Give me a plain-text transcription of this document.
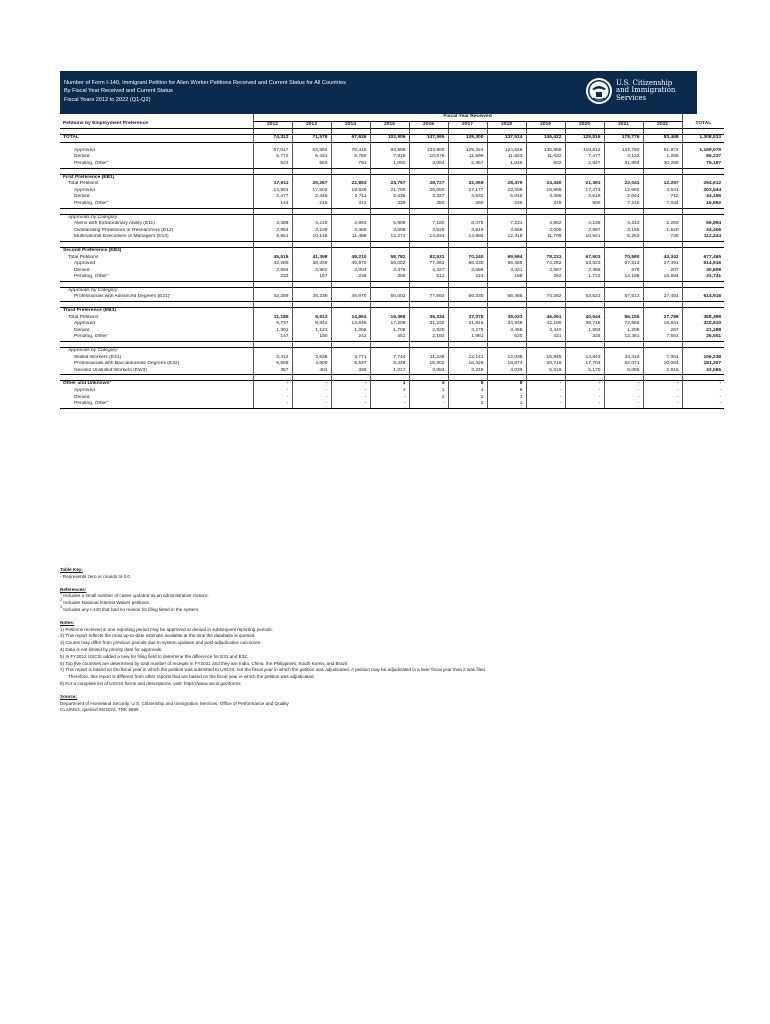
Number of Form I-140, Immigrant Petition for Alien Worker Petitions Received and Current Status for All Countries
By Fiscal Year Received and Current Status
Fiscal Years 2012 to 2022 (Q1-Q2)
U.S. Citizenship
and Immigration
Services
	Fiscal Year Received											
Petitions by Employment Preference	2012	2013	2014	2015	2016	2017	2018	2019	2020	2021	2022	TOTAL

TOTAL	74,312	71,578	67,636	102,906	147,595	139,300	137,514	146,422	129,516	178,776	83,468	1,308,513

Approved	67,017	64,584	78,445	93,995	133,965	125,324	124,646	135,858	118,512	142,760	51,873	1,159,079
Denied	6,772	6,431	6,780	7,819	10,576	11,599	11,823	11,632	7,477	4,122	1,205	86,237
Pending, Other$^1$	523	563	791	1,092	3,054	2,467	1,045	932	2,547	31,894	30,289	75,197

First Preference (EB1)												
Total Petitions	17,611	20,267	22,853	24,757	28,727	32,069	28,479	24,340	21,391	22,041	12,297	254,612
Approved	14,991	17,603	19,829	21,785	25,050	27,177	23,209	18,996	17,273	12,682	4,541	203,544
Denied	2,477	2,448	2,711	2,636	3,327	4,632	5,046	4,495	3,618	2,044	712	34,156
Pending, Other$^1$	143	216	313	336	350	260	226	249	500	7,315	7,044	16,952

Approvals by Category												
Aliens with Extraordinary Ability (E11)	3,486	4,219	4,963	5,906	7,180	8,475	7,231	4,682	4,135	4,314	2,283	56,894
Outstanding Professors or Researchers (E12)	2,954	3,239	3,368	3,608	3,526	3,816	3,658	3,005	2,997	3,155	1,520	34,406
Multinational Executives or Managers (E13)	8,551	10,145	11,498	12,271	14,834	14,886	12,318	11,709	10,541	5,263	728	112,244

Second Preference (EB2)												
Total Petitions	45,516	41,398	49,210	58,782	82,531	70,240	69,994	78,231	67,603	70,580	43,342	677,465
Approved	42,289	38,339	45,970	55,002	77,692	66,330	66,485	74,282	63,523	57,513	27,491	614,916
Denied	2,994	2,862	3,004	3,475	4,327	3,686	3,321	3,697	2,356	879	207	30,808
Pending, Other$^1$	233	197	236	305	512	224	188	252	1,722	12,188	15,684	31,741

Approvals by Category												
Professionals with Advanced Degrees $(E21)^2$	42,289	38,339	45,970	55,002	77,692	66,330	66,485	74,282	63,523	57,513	27,491	614,916

Third Preference (EB3)												
Total Petitions	11,185	9,913	14,953	19,366	36,334	37,076	39,033	46,051	40,544	86,155	27,789	368,399
Approved	9,737	8,642	13,646	17,209	31,222	31,816	34,948	42,180	38,716	72,565	19,841	320,610
Denied	1,301	1,121	1,065	1,708	2,920	3,279	3,455	3,440	1,503	1,209	287	21,288
Pending, Other$^1$	147	150	242	451	2,192	1,981	630	431	325	12,381	7,561	26,501

Approvals by Category												
Skilled Workers (E31)	3,412	3,638	3,771	7,744	11,226	12,141	12,038	15,945	14,843	34,419	7,061	106,238
Professionals with Baccalaureate Degrees (E32)	5,968	4,600	9,537	8,448	16,902	16,426	18,874	20,716	17,703	52,071	10,064	181,307
Needed Unskilled Workers (EW3)	357	404	338	1,017	3,084	3,249	4,036	5,519	6,170	6,065	2,816	33,065

Other and Unknown$^3$	-	-	-	1	3	5	8	-	-	-	-	-
Approved	-	-	-	1	1	1	6	-	-	-	-	-
Denied	-	-	-	-	2	2	1	-	-	-	-	-
Pending, Other$^1$	-	-	-	-	-	2	1	-	-	-	-	-
Table Key:
- Represents zero or rounds to 0.0
References:
$^1$ Includes a small number of cases updated as an administrative closure.
$^2$ Includes National Interest Waiver petitions.
$^3$ Includes any I-140 that had no reason for filing listed in the system.
Notes:
1) Petitions received in one reporting period may be approved or denied in subsequent reporting periods.
2) This report reflects the most up-to-date estimate available at the time the database is queried.
3) Counts may differ from previous periods due to system updates and post-adjudicative outcomes.
4) Data is not limited by priority date for approvals.
5) In FY2012 USCIS added a new for filing field to determine the difference for E31 and E32.
6) Top five countries are determined by total number of receipts in FY2021 and they are India, China, the Philippines, South Korea, and Brazil.
7) This report is based on the fiscal year in which the petition was submitted to USCIS, not the fiscal year in which the petition was adjudicated. A petition may be adjudicated in a later fiscal year than it was filed.
Therefore, this report is different from other reports that are based on the fiscal year in which the petition was adjudicated.
8) For a complete list of USCIS forms and descriptions, visit: https://www.uscis.gov/forms
Source:
Department of Homeland Security, U.S. Citizenship and Immigration Services, Office of Performance and Quality
CLAIMS3, queried 05/2022, TRK 9999
